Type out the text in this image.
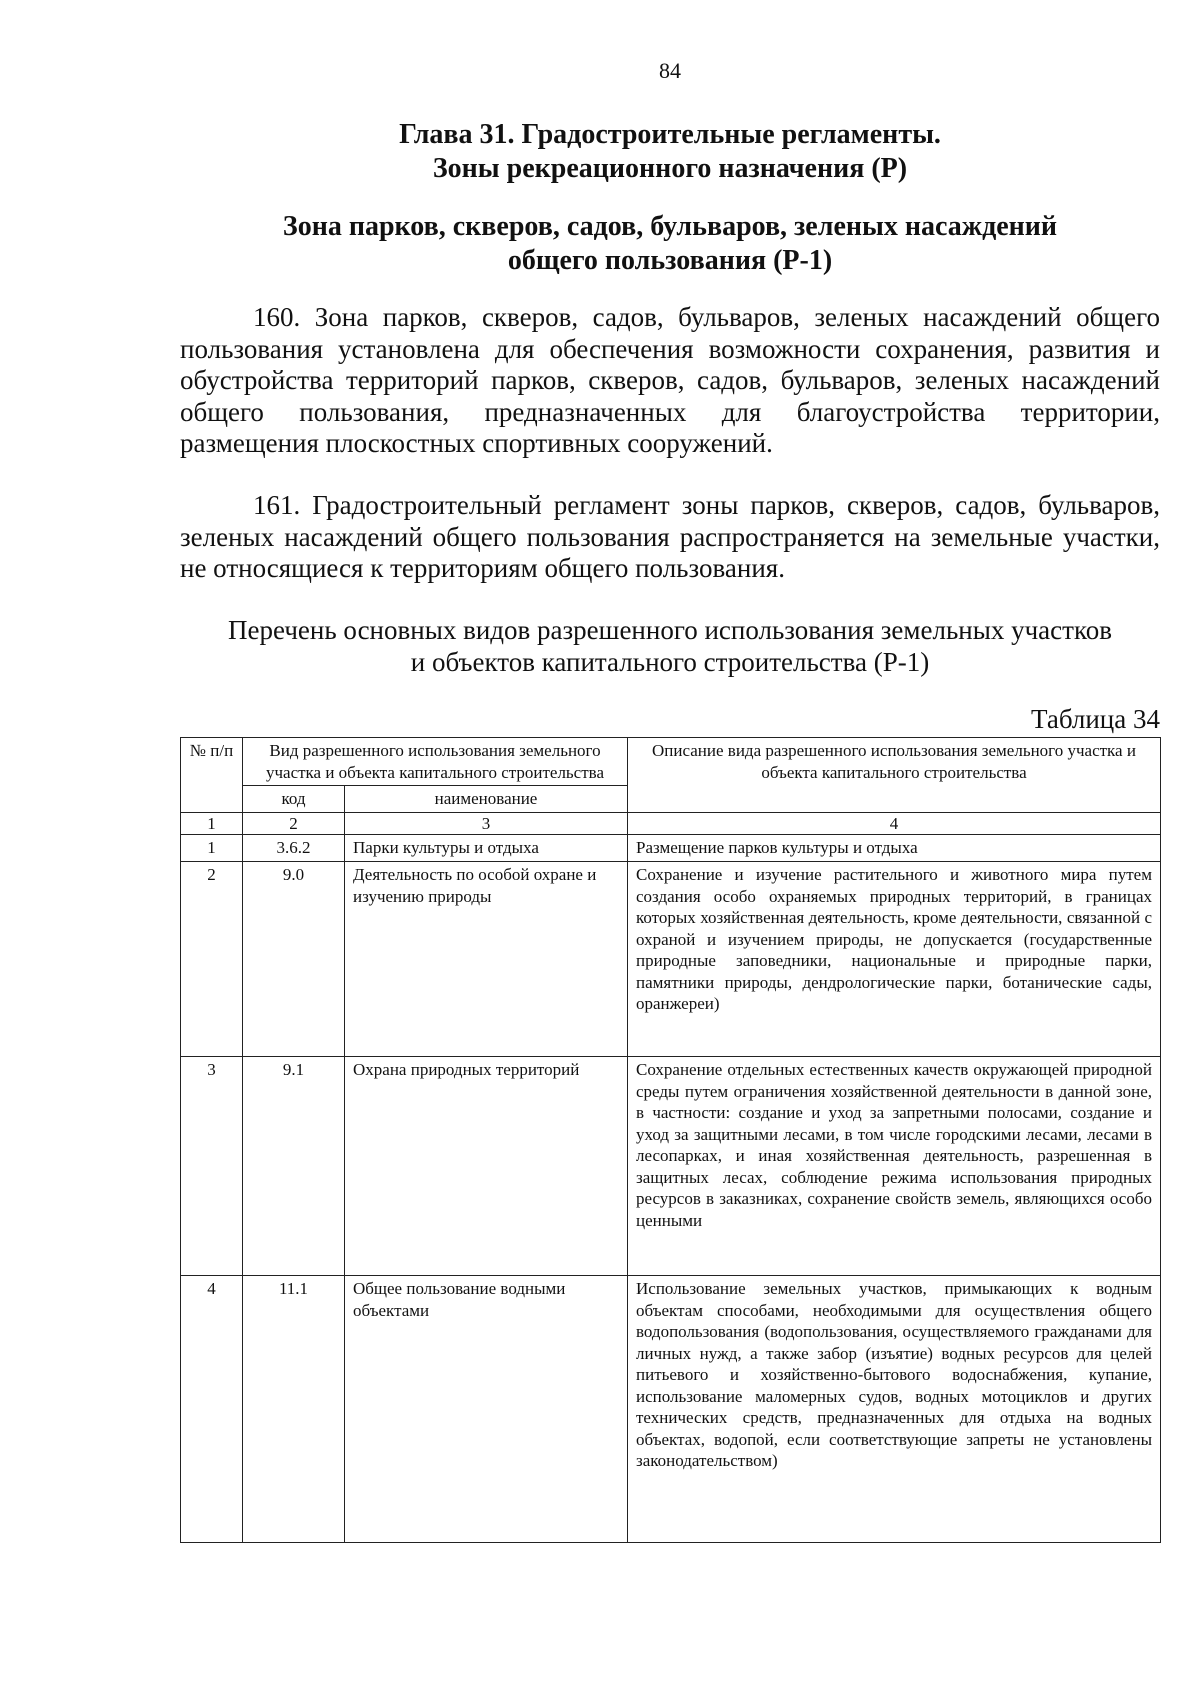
84
Глава 31. Градостроительные регламенты.
Зоны рекреационного назначения (Р)
Зона парков, скверов, садов, бульваров, зеленых насаждений
общего пользования (Р-1)
160. Зона парков, скверов, садов, бульваров, зеленых насаждений общего пользования установлена для обеспечения возможности сохранения, развития и обустройства территорий парков, скверов, садов, бульваров, зеленых насаждений общего пользования, предназначенных для благоустройства территории, размещения плоскостных спортивных сооружений.
161. Градостроительный регламент зоны парков, скверов, садов, бульваров, зеленых насаждений общего пользования распространяется на земельные участки, не относящиеся к территориям общего пользования.
Перечень основных видов разрешенного использования земельных участков
и объектов капитального строительства (Р-1)
Таблица 34
№ п/п	Вид разрешенного использования земельного участка и объекта капитального строительства		Описание вида разрешенного использования земельного участка и объекта капитального строительства
	код	наименование	
1	2	3	4
1	3.6.2	Парки культуры и отдыха	Размещение парков культуры и отдыха
2	9.0	Деятельность по особой охране и изучению природы	Сохранение и изучение растительного и животного мира путем создания особо охраняемых природных территорий, в границах которых хозяйственная деятельность, кроме деятельности, связанной с охраной и изучением природы, не допускается (государственные природные заповедники, национальные и природные парки, памятники природы, дендрологические парки, ботанические сады, оранжереи)
3	9.1	Охрана природных территорий	Сохранение отдельных естественных качеств окружающей природной среды путем ограничения хозяйственной деятельности в данной зоне, в частности: создание и уход за запретными полосами, создание и уход за защитными лесами, в том числе городскими лесами, лесами в лесопарках, и иная хозяйственная деятельность, разрешенная в защитных лесах, соблюдение режима использования природных ресурсов в заказниках, сохранение свойств земель, являющихся особо ценными
4	11.1	Общее пользование водными объектами	Использование земельных участков, примыкающих к водным объектам способами, необходимыми для осуществления общего водопользования (водопользования, осуществляемого гражданами для личных нужд, а также забор (изъятие) водных ресурсов для целей питьевого и хозяйственно-бытового водоснабжения, купание, использование маломерных судов, водных мотоциклов и других технических средств, предназначенных для отдыха на водных объектах, водопой, если соответствующие запреты не установлены законодательством)
